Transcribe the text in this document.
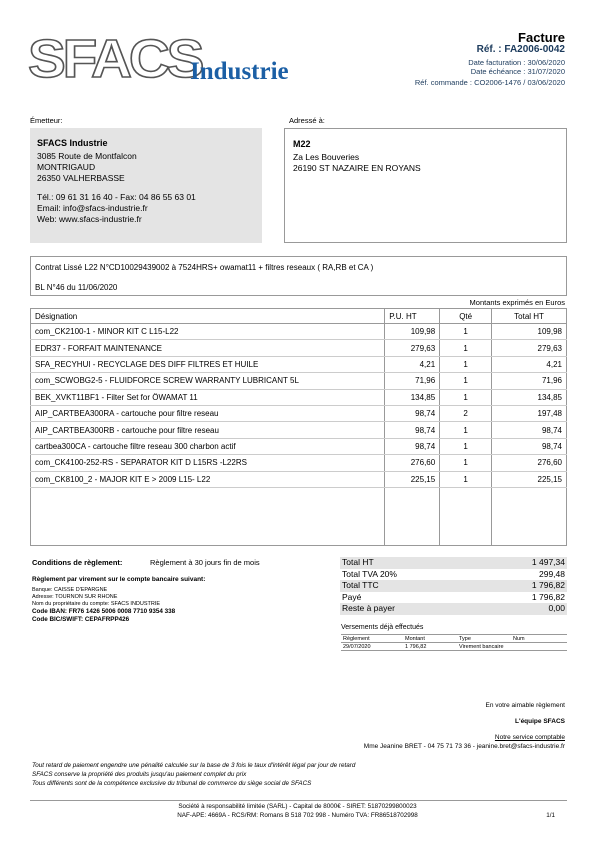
SFACS
Industrie
Facture
Réf. : FA2006-0042
Date facturation : 30/06/2020
Date échéance : 31/07/2020
Réf. commande : CO2006-1476 / 03/06/2020
Émetteur:
SFACS Industrie
3085 Route de Montfalcon
MONTRIGAUD
26350 VALHERBASSE
Tél.: 09 61 31 16 40 - Fax: 04 86 55 63 01
Email: info@sfacs-industrie.fr
Web: www.sfacs-industrie.fr
Adressé à:
M22
Za Les Bouveries
26190 ST NAZAIRE EN ROYANS
Contrat Lissé L22 N°CD10029439002 à 7524HRS+ owamat11 + filtres reseaux ( RA,RB et CA )
BL N°46 du 11/06/2020
Montants exprimés en Euros
Désignation	P.U. HT	Qté	Total HT
com_CK2100-1 - MINOR KIT C L15-L22	109,98	1	109,98
EDR37 - FORFAIT MAINTENANCE	279,63	1	279,63
SFA_RECYHUI - RECYCLAGE DES DIFF FILTRES ET HUILE	4,21	1	4,21
com_SCWOBG2-5 - FLUIDFORCE SCREW WARRANTY LUBRICANT 5L	71,96	1	71,96
BEK_XVKT11BF1 - Filter Set for ÖWAMAT 11	134,85	1	134,85
AIP_CARTBEA300RA - cartouche pour filtre reseau	98,74	2	197,48
AIP_CARTBEA300RB - cartouche pour filtre reseau	98,74	1	98,74
cartbea300CA - cartouche filtre reseau 300 charbon actif	98,74	1	98,74
com_CK4100-252-RS - SEPARATOR KIT D L15RS -L22RS	276,60	1	276,60
com_CK8100_2 - MAJOR KIT E > 2009 L15- L22	225,15	1	225,15

Conditions de règlement:	Règlement à 30 jours fin de mois
Règlement par virement sur le compte bancaire suivant:
Banque: CAISSE D'EPARGNE
Adresse: TOURNON SUR RHONE
Nom du propriétaire du compte: SFACS INDUSTRIE
Code IBAN: FR76 1426 5006 0008 7710 9354 338
Code BIC/SWIFT: CEPAFRPP426
Total HT	1 497,34
Total TVA 20%	299,48
Total TTC	1 796,82
Payé	1 796,82
Reste à payer	0,00
Versements déjà effectués
Règlement	Montant	Type	Num
29/07/2020	1 796,82	Virement bancaire	
En votre aimable règlement
L'équipe SFACS
Notre service comptable
Mme Jeanine BRET - 04 75 71 73 36 - jeanine.bret@sfacs-industrie.fr
Tout retard de paiement engendre une pénalité calculée sur la base de 3 fois le taux d'intérêt légal par jour de retard
SFACS conserve la propriété des produits jusqu'au paiement complet du prix
Tous différents sont de la compétence exclusive du tribunal de commerce du siège social de SFACS
Société à responsabilité limitée (SARL) - Capital de 8000€ - SIRET: 51870299800023
NAF-APE: 4669A - RCS/RM: Romans B 518 702 998 - Numéro TVA: FR86518702998	1/1
